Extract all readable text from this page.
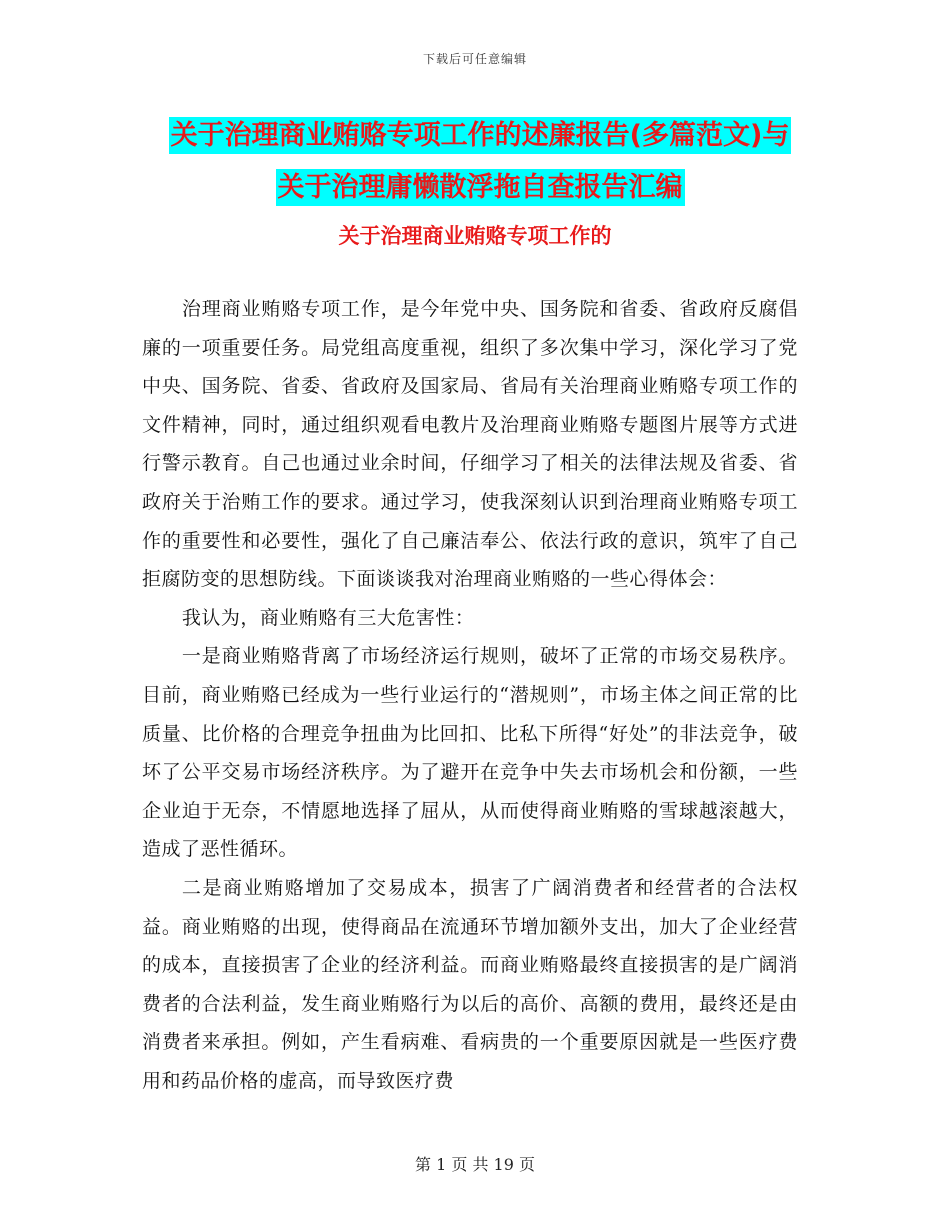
下载后可任意编辑
关于治理商业贿赂专项工作的述廉报告(多篇范文)与
关于治理庸懒散浮拖自查报告汇编
关于治理商业贿赂专项工作的

治理商业贿赂专项工作，是今年党中央、国务院和省委、省政府反腐倡廉的一项重要任务。局党组高度重视，组织了多次集中学习，深化学习了党中央、国务院、省委、省政府及国家局、省局有关治理商业贿赂专项工作的文件精神，同时，通过组织观看电教片及治理商业贿赂专题图片展等方式进行警示教育。自己也通过业余时间，仔细学习了相关的法律法规及省委、省政府关于治贿工作的要求。通过学习，使我深刻认识到治理商业贿赂专项工作的重要性和必要性，强化了自己廉洁奉公、依法行政的意识，筑牢了自己拒腐防变的思想防线。下面谈谈我对治理商业贿赂的一些心得体会：

我认为，商业贿赂有三大危害性：

一是商业贿赂背离了市场经济运行规则，破坏了正常的市场交易秩序。目前，商业贿赂已经成为一些行业运行的“潜规则”，市场主体之间正常的比质量、比价格的合理竞争扭曲为比回扣、比私下所得“好处”的非法竞争，破坏了公平交易市场经济秩序。为了避开在竞争中失去市场机会和份额，一些企业迫于无奈，不情愿地选择了屈从，从而使得商业贿赂的雪球越滚越大，造成了恶性循环。

二是商业贿赂增加了交易成本，损害了广阔消费者和经营者的合法权益。商业贿赂的出现，使得商品在流通环节增加额外支出，加大了企业经营的成本，直接损害了企业的经济利益。而商业贿赂最终直接损害的是广阔消费者的合法利益，发生商业贿赂行为以后的高价、高额的费用，最终还是由消费者来承担。例如，产生看病难、看病贵的一个重要原因就是一些医疗费用和药品价格的虚高，而导致医疗费

第 1 页 共 19 页
